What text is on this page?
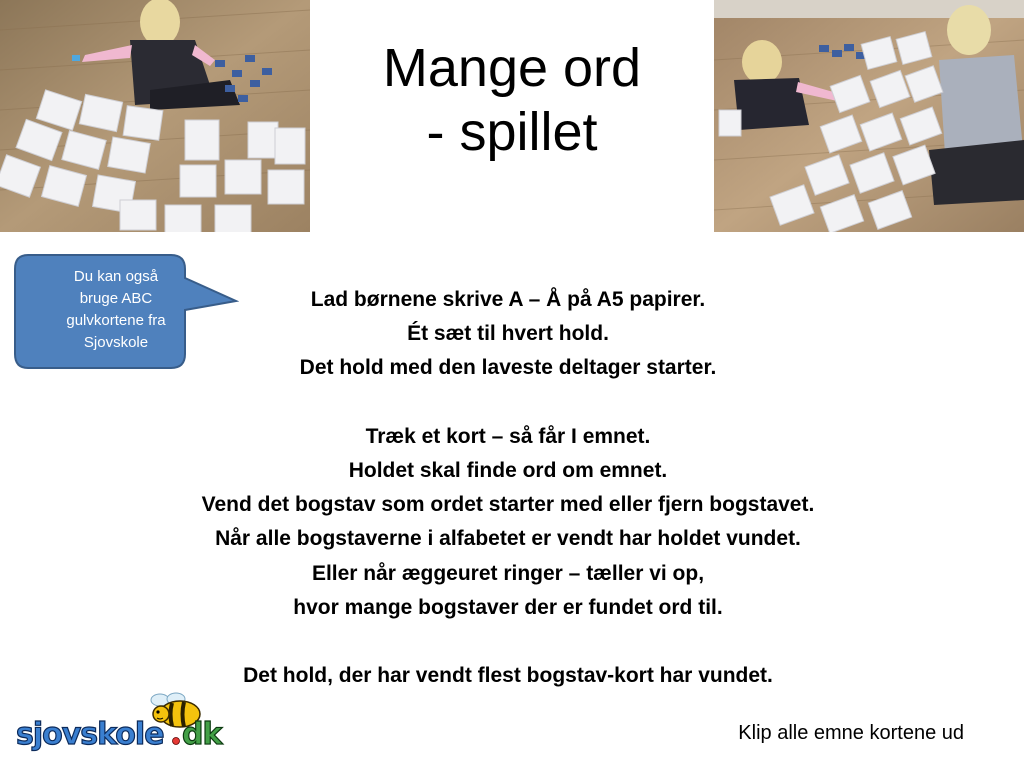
Mange ord
- spillet
Du kan også
bruge ABC
gulvkortene fra
Sjovskole
Lad børnene skrive A – Å på A5 papirer.
Ét sæt til hvert hold.
Det hold med den laveste deltager starter.
Træk et kort – så får I emnet.
Holdet skal finde ord om emnet.
Vend det bogstav som ordet starter med eller fjern bogstavet.
Når alle bogstaverne i alfabetet er vendt har holdet vundet.
Eller når æggeuret ringer – tæller vi op,
hvor mange bogstaver der er fundet ord til.
Det hold, der har vendt flest bogstav-kort har vundet.
sjovskole dk	Klip alle emne kortene ud
